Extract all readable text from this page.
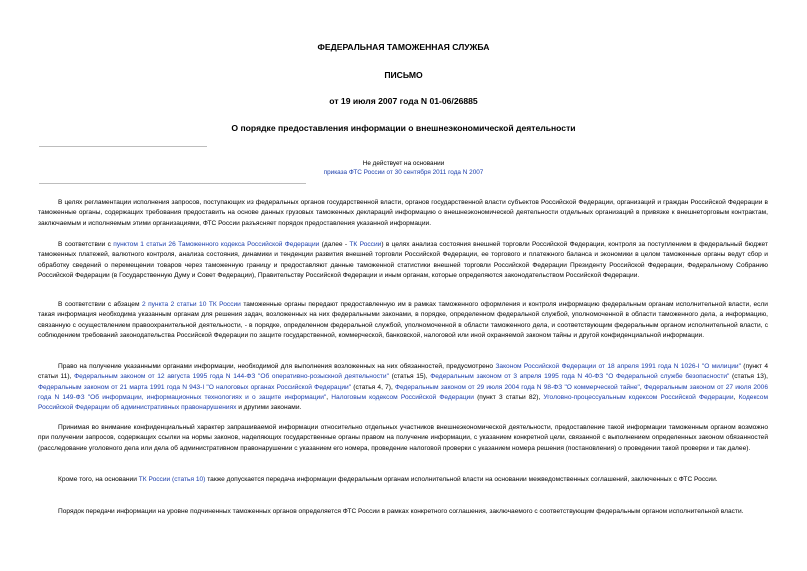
ФЕДЕРАЛЬНАЯ ТАМОЖЕННАЯ СЛУЖБА
ПИСЬМО
от 19 июля 2007 года N 01-06/26885
О порядке предоставления информации о внешнеэкономической деятельности
Не действует на основании
приказа ФТС России от 30 сентября 2011 года N 2007
В целях регламентации исполнения запросов, поступающих из федеральных органов государственной власти, органов государственной власти субъектов Российской Федерации, организаций и граждан Российской Федерации в таможенные органы, содержащих требования предоставить на основе данных грузовых таможенных деклараций информацию о внешнеэкономической деятельности отдельных организаций в привязке к внешнеторговым контрактам, заключаемым и исполняемым этими организациями, ФТС России разъясняет порядок предоставления указанной информации.
В соответствии с пунктом 1 статьи 26 Таможенного кодекса Российской Федерации (далее - ТК России) в целях анализа состояния внешней торговли Российской Федерации, контроля за поступлением в федеральный бюджет таможенных платежей, валютного контроля, анализа состояния, динамики и тенденции развития внешней торговли Российской Федерации, ее торгового и платежного баланса и экономики в целом таможенные органы ведут сбор и обработку сведений о перемещении товаров через таможенную границу и предоставляют данные таможенной статистики внешней торговли Российской Федерации Президенту Российской Федерации, Федеральному Собранию Российской Федерации (в Государственную Думу и Совет Федерации), Правительству Российской Федерации и иным органам, которые определяются законодательством Российской Федерации.
В соответствии с абзацем 2 пункта 2 статьи 10 ТК России таможенные органы передают предоставленную им в рамках таможенного оформления и контроля информацию федеральным органам исполнительной власти, если такая информация необходима указанным органам для решения задач, возложенных на них федеральными законами, в порядке, определенном федеральной службой, уполномоченной в области таможенного дела, а информацию, связанную с осуществлением правоохранительной деятельности, - в порядке, определенном федеральной службой, уполномоченной в области таможенного дела, и соответствующим федеральным органом исполнительной власти, с соблюдением требований законодательства Российской Федерации по защите государственной, коммерческой, банковской, налоговой или иной охраняемой законом тайны и другой конфиденциальной информации.
Право на получение указанными органами информации, необходимой для выполнения возложенных на них обязанностей, предусмотрено Законом Российской Федерации от 18 апреля 1991 года N 1026-I "О милиции" (пункт 4 статьи 11), Федеральным законом от 12 августа 1995 года N 144-ФЗ "Об оперативно-розыскной деятельности" (статья 15), Федеральным законом от 3 апреля 1995 года N 40-ФЗ "О Федеральной службе безопасности" (статья 13), Федеральным законом от 21 марта 1991 года N 943-I "О налоговых органах Российской Федерации" (статья 4, 7), Федеральным законом от 29 июля 2004 года N 98-ФЗ "О коммерческой тайне", Федеральным законом от 27 июля 2006 года N 149-ФЗ "Об информации, информационных технологиях и о защите информации", Налоговым кодексом Российской Федерации (пункт 3 статьи 82), Уголовно-процессуальным кодексом Российской Федерации, Кодексом Российской Федерации об административных правонарушениях и другими законами.
Принимая во внимание конфиденциальный характер запрашиваемой информации относительно отдельных участников внешнеэкономической деятельности, предоставление такой информации таможенным органом возможно при получении запросов, содержащих ссылки на нормы законов, наделяющих государственные органы правом на получение информации, с указанием конкретной цели, связанной с выполнением определенных законом обязанностей (расследование уголовного дела или дела об административном правонарушении с указанием его номера, проведение налоговой проверки с указанием номера решения (постановления) о проведении такой проверки и так далее).
Кроме того, на основании ТК России (статья 10) также допускается передача информации федеральным органам исполнительной власти на основании межведомственных соглашений, заключенных с ФТС России.
Порядок передачи информации на уровне подчиненных таможенных органов определяется ФТС России в рамках конкретного соглашения, заключаемого с соответствующим федеральным органом исполнительной власти.
